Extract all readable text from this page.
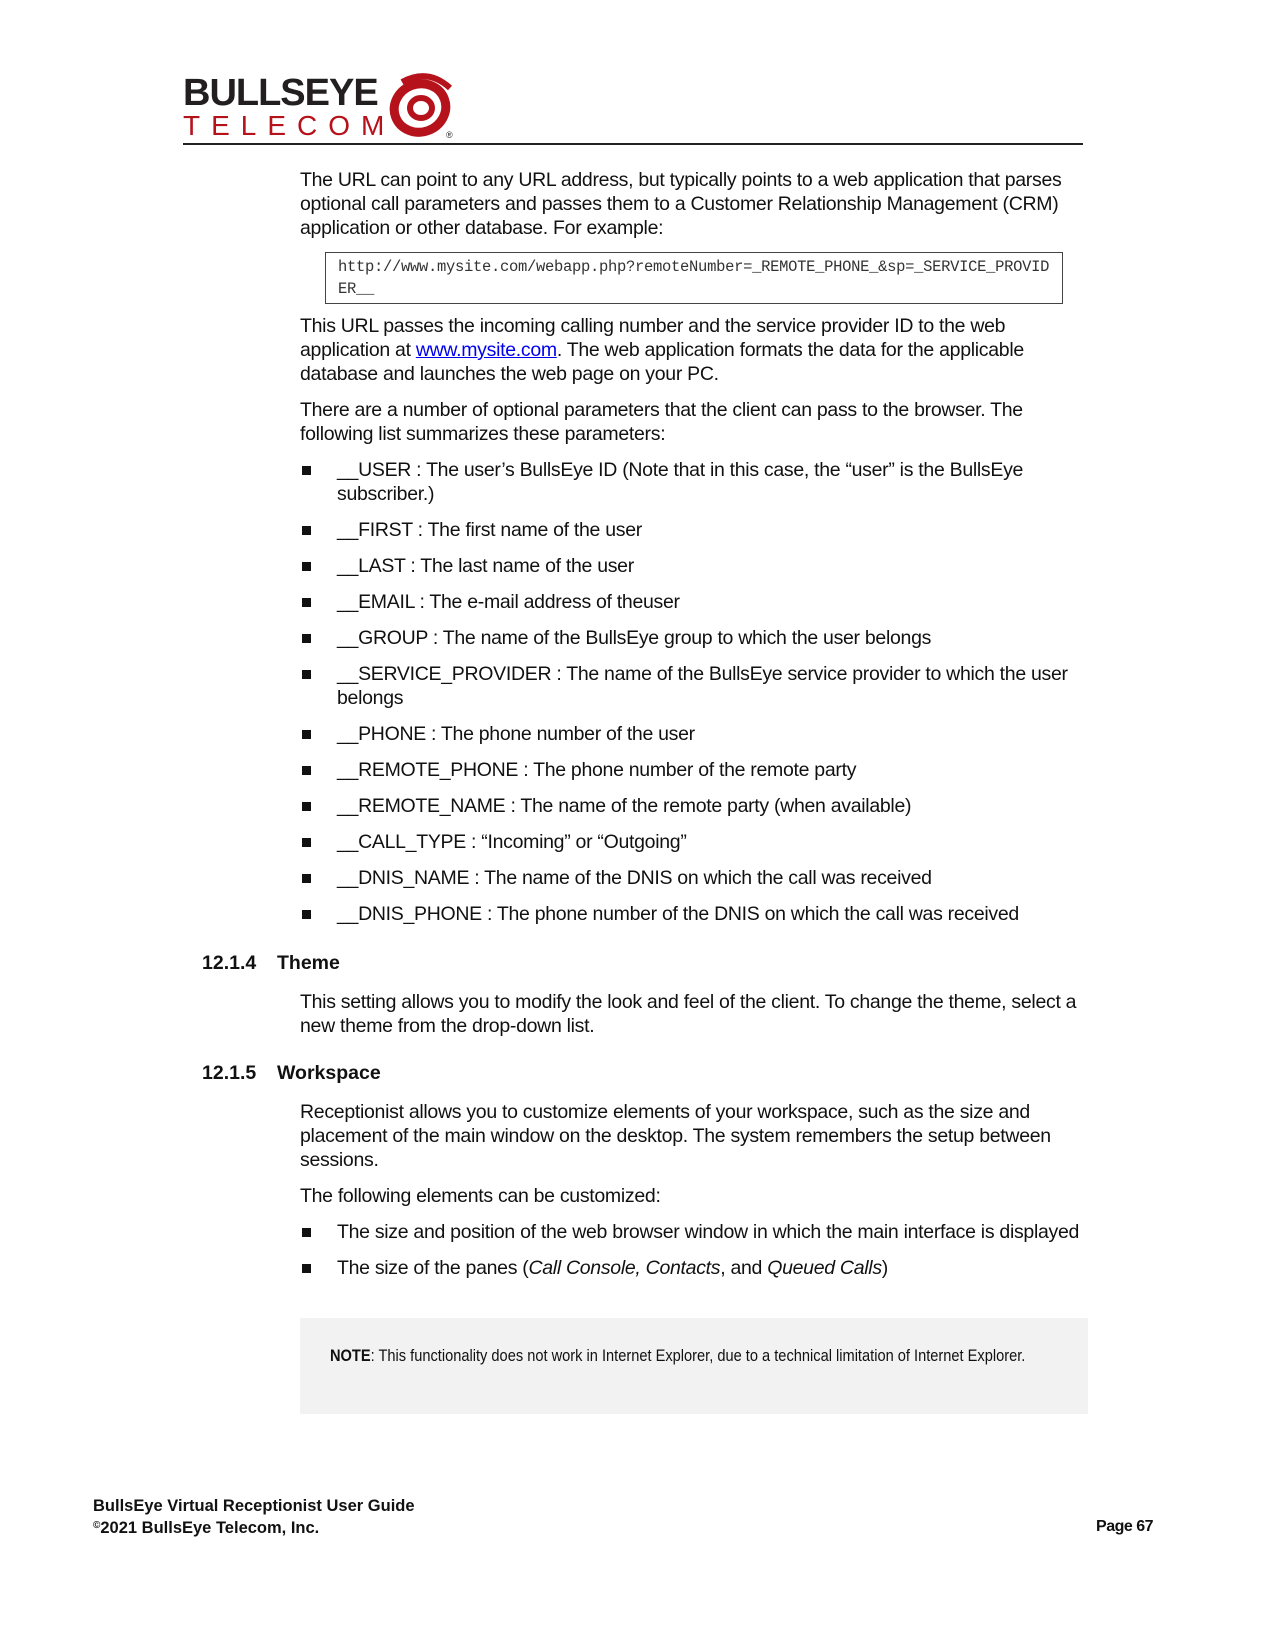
BULLSEYE
TELECOM	®

The URL can point to any URL address, but typically points to a web application that parses optional call parameters and passes them to a Customer Relationship Management (CRM) application or other database. For example:

http://www.mysite.com/webapp.php?remoteNumber=_REMOTE_PHONE_&sp=_SERVICE_PROVIDER__

This URL passes the incoming calling number and the service provider ID to the web application at www.mysite.com. The web application formats the data for the applicable database and launches the web page on your PC.

There are a number of optional parameters that the client can pass to the browser. The following list summarizes these parameters:

__USER : The user’s BullsEye ID (Note that in this case, the “user” is the BullsEye subscriber.)
__FIRST : The first name of the user
__LAST : The last name of the user
__EMAIL : The e-mail address of theuser
__GROUP : The name of the BullsEye group to which the user belongs
__SERVICE_PROVIDER : The name of the BullsEye service provider to which the user belongs
__PHONE : The phone number of the user
__REMOTE_PHONE : The phone number of the remote party
__REMOTE_NAME : The name of the remote party (when available)
__CALL_TYPE : “Incoming” or “Outgoing”
__DNIS_NAME : The name of the DNIS on which the call was received
__DNIS_PHONE : The phone number of the DNIS on which the call was received
12.1.4 Theme

This setting allows you to modify the look and feel of the client. To change the theme, select a new theme from the drop-down list.

12.1.5 Workspace

Receptionist allows you to customize elements of your workspace, such as the size and placement of the main window on the desktop. The system remembers the setup between sessions.

The following elements can be customized:

The size and position of the web browser window in which the main interface is displayed
The size of the panes (Call Console, Contacts, and Queued Calls)
NOTE: This functionality does not work in Internet Explorer, due to a technical limitation of Internet Explorer.
BullsEye Virtual Receptionist User Guide
©2021 BullsEye Telecom, Inc.	Page 67
